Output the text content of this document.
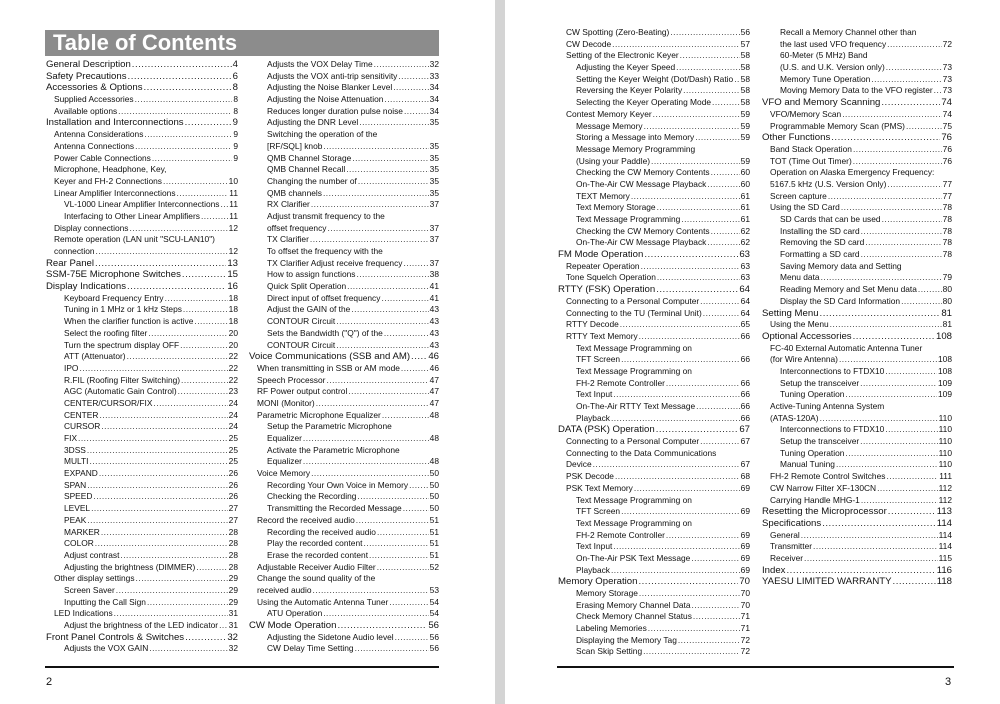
Table of Contents
General Description .....	4
Safety Precautions .....	6
Accessories & Options .....	8
Supplied Accessories .....	8
Available options .....	8
Installation and Interconnections .....	9
Antenna Considerations .....	9
Antenna Connections .....	9
Power Cable Connections .....	9
Microphone, Headphone, Key,
Keyer and FH-2 Connections .....	10
Linear Amplifier Interconnections .....	11
VL-1000 Linear Amplifier Interconnections ..... 11
Interfacing to Other Linear Amplifiers .....	11
Display connections .....	12
Remote operation (LAN unit "SCU-LAN10")
connection .....	12
Rear Panel .....	13
SSM-75E Microphone Switches .....	15
Display Indications .....	16
Keyboard Frequency Entry .....	18
Tuning in 1 MHz or 1 kHz Steps .....	18
When the clarifier function is active .....	18
Select the roofing filter .....	20
Turn the spectrum display OFF .....	20
ATT (Attenuator) .....	22
IPO .....	22
R.FIL (Roofing Filter Switching) .....	22
AGC (Automatic Gain Control) .....	23
CENTER/CURSOR/FIX .....	24
CENTER .....	24
CURSOR .....	24
FIX .....	25
3DSS .....	25
MULTI .....	25
EXPAND .....	26
SPAN .....	26
SPEED .....	26
LEVEL .....	27
PEAK .....	27
MARKER .....	28
COLOR .....	28
Adjust contrast .....	28
Adjusting the brightness (DIMMER) .....	28
Other display settings .....	29
Screen Saver .....	29
Inputting the Call Sign .....	29
LED Indications .....	31
Adjust the brightness of the LED indicator ..... 31
Front Panel Controls & Switches .....	32
Adjusts the VOX GAIN .....	32
Adjusts the VOX Delay Time .....	32
Adjusts the VOX anti-trip sensitivity .....	33
Adjusting the Noise Blanker Level .....	34
Adjusting the Noise Attenuation .....	34
Reduces longer duration pulse noise .....	34
Adjusting the DNR Level .....	35
Switching the operation of the
[RF/SQL] knob .....	35
QMB Channel Storage .....	35
QMB Channel Recall .....	35
Changing the number of .....	35
QMB channels .....	35
RX Clarifier .....	37
Adjust transmit frequency to the
offset frequency .....	37
TX Clarifier .....	37
To offset the frequency with the
TX Clarifier Adjust receive frequency .....	37
How to assign functions .....	38
Quick Split Operation .....	41
Direct input of offset frequency .....	41
Adjust the GAIN of the .....	43
CONTOUR Circuit .....	43
Sets the Bandwidth ("Q") of the .....	43
CONTOUR Circuit .....	43
Voice Communications (SSB and AM) ..... 46
When transmitting in SSB or AM mode .....	46
Speech Processor .....	47
RF Power output control .....	47
MONI (Monitor) .....	47
Parametric Microphone Equalizer .....	48
Setup the Parametric Microphone
Equalizer .....	48
Activate the Parametric Microphone
Equalizer .....	48
Voice Memory .....	50
Recording Your Own Voice in Memory .....	50
Checking the Recording .....	50
Transmitting the Recorded Message .....	50
Record the received audio .....	51
Recording the received audio .....	51
Play the recorded content .....	51
Erase the recorded content .....	51
Adjustable Receiver Audio Filter .....	52
Change the sound quality of the
received audio .....	53
Using the Automatic Antenna Tuner .....	54
ATU Operation .....	54
CW Mode Operation .....	56
Adjusting the Sidetone Audio level .....	56
CW Delay Time Setting .....	56
2
CW Spotting (Zero-Beating) .....	56
CW Decode .....	57
Setting of the Electronic Keyer .....	58
Adjusting the Keyer Speed .....	58
Setting the Keyer Weight (Dot/Dash) Ratio ..... 58
Reversing the Keyer Polarity .....	58
Selecting the Keyer Operating Mode .....	58
Contest Memory Keyer .....	59
Message Memory .....	59
Storing a Message into Memory .....	59
Message Memory Programming
(Using your Paddle) .....	59
Checking the CW Memory Contents .....	60
On-The-Air CW Message Playback .....	60
TEXT Memory .....	61
Text Memory Storage .....	61
Text Message Programming .....	61
Checking the CW Memory Contents .....	62
On-The-Air CW Message Playback .....	62
FM Mode Operation .....	63
Repeater Operation .....	63
Tone Squelch Operation .....	63
RTTY (FSK) Operation .....	64
Connecting to a Personal Computer .....	64
Connecting to the TU (Terminal Unit) .....	64
RTTY Decode .....	65
RTTY Text Memory .....	66
Text Message Programming on
TFT Screen .....	66
Text Message Programming on
FH-2 Remote Controller .....	66
Text Input .....	66
On-The-Air RTTY Text Message .....	66
Playback .....	66
DATA (PSK) Operation .....	67
Connecting to a Personal Computer .....	67
Connecting to the Data Communications
Device .....	67
PSK Decode .....	68
PSK Text Memory .....	69
Text Message Programming on
TFT Screen .....	69
Text Message Programming on
FH-2 Remote Controller .....	69
Text Input .....	69
On-The-Air PSK Text Message .....	69
Playback .....	69
Memory Operation .....	70
Memory Storage .....	70
Erasing Memory Channel Data .....	70
Check Memory Channel Status .....	71
Labeling Memories .....	71
Displaying the Memory Tag .....	72
Scan Skip Setting .....	72
Recall a Memory Channel other than
the last used VFO frequency .....	72
60-Meter (5 MHz) Band
(U.S. and U.K. Version only) .....	73
Memory Tune Operation .....	73
Moving Memory Data to the VFO register ..... 73
VFO and Memory Scanning .....	74
VFO/Memory Scan .....	74
Programmable Memory Scan (PMS) .....	75
Other Functions .....	76
Band Stack Operation .....	76
TOT (Time Out Timer) .....	76
Operation on Alaska Emergency Frequency:
5167.5 kHz (U.S. Version Only) .....	77
Screen capture .....	77
Using the SD Card .....	78
SD Cards that can be used .....	78
Installing the SD card .....	78
Removing the SD card .....	78
Formatting a SD card .....	78
Saving Memory data and Setting
Menu data .....	79
Reading Memory and Set Menu data .....	80
Display the SD Card Information .....	80
Setting Menu .....	81
Using the Menu .....	81
Optional Accessories .....	108
FC-40 External Automatic Antenna Tuner
(for Wire Antenna) .....	108
Interconnections to FTDX10 .....	108
Setup the transceiver .....	109
Tuning Operation .....	109
Active-Tuning Antenna System
(ATAS-120A) .....	110
Interconnections to FTDX10 .....	110
Setup the transceiver .....	110
Tuning Operation .....	110
Manual Tuning .....	110
FH-2 Remote Control Switches .....	111
CW Narrow Filter XF-130CN .....	112
Carrying Handle MHG-1 .....	112
Resetting the Microprocessor .....	113
Specifications .....	114
General .....	114
Transmitter .....	114
Receiver .....	115
Index .....	116
YAESU LIMITED WARRANTY .....	118
3
